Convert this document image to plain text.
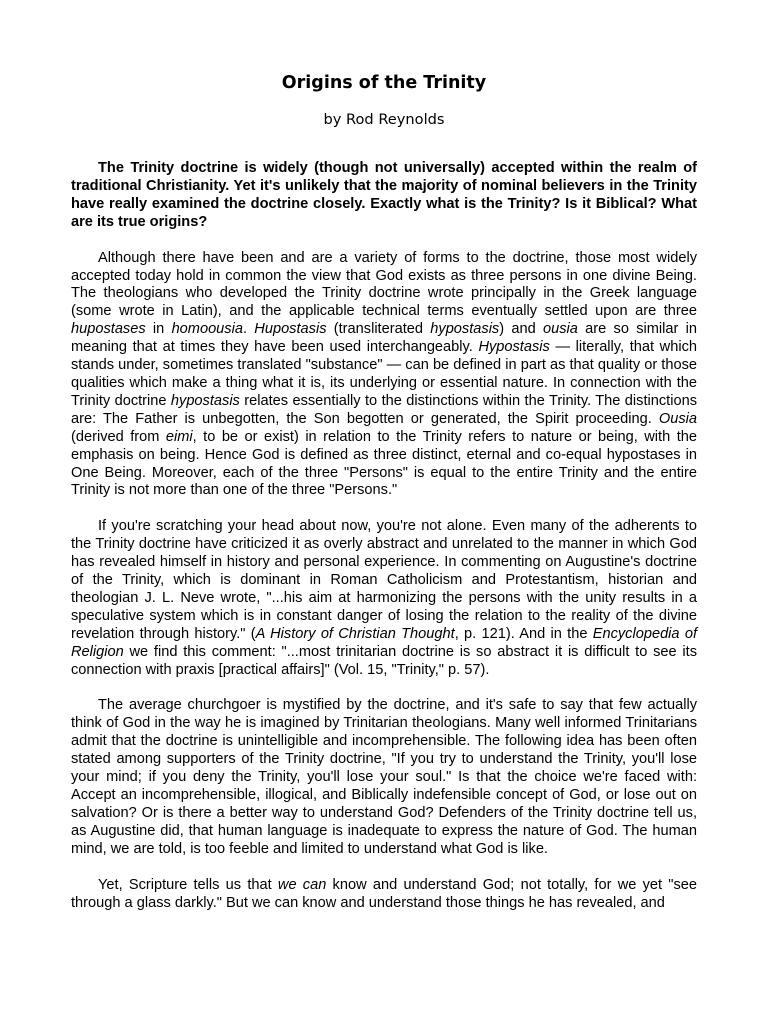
Origins of the Trinity
by Rod Reynolds

The Trinity doctrine is widely (though not universally) accepted within the realm of traditional Christianity. Yet it's unlikely that the majority of nominal believers in the Trinity have really examined the doctrine closely. Exactly what is the Trinity? Is it Biblical? What are its true origins?

Although there have been and are a variety of forms to the doctrine, those most widely accepted today hold in common the view that God exists as three persons in one divine Being. The theologians who developed the Trinity doctrine wrote principally in the Greek language (some wrote in Latin), and the applicable technical terms eventually settled upon are three hupostases in homoousia. Hupostasis (transliterated hypostasis) and ousia are so similar in meaning that at times they have been used interchangeably. Hypostasis — literally, that which stands under, sometimes translated "substance" — can be defined in part as that quality or those qualities which make a thing what it is, its underlying or essential nature. In connection with the Trinity doctrine hypostasis relates essentially to the distinctions within the Trinity. The distinctions are: The Father is unbegotten, the Son begotten or generated, the Spirit proceeding. Ousia (derived from eimi, to be or exist) in relation to the Trinity refers to nature or being, with the emphasis on being. Hence God is defined as three distinct, eternal and co-equal hypostases in One Being. Moreover, each of the three "Persons" is equal to the entire Trinity and the entire Trinity is not more than one of the three "Persons."

If you're scratching your head about now, you're not alone. Even many of the adherents to the Trinity doctrine have criticized it as overly abstract and unrelated to the manner in which God has revealed himself in history and personal experience. In commenting on Augustine's doctrine of the Trinity, which is dominant in Roman Catholicism and Protestantism, historian and theologian J. L. Neve wrote, "...his aim at harmonizing the persons with the unity results in a speculative system which is in constant danger of losing the relation to the reality of the divine revelation through history." (A History of Christian Thought, p. 121). And in the Encyclopedia of Religion we find this comment: "...most trinitarian doctrine is so abstract it is difficult to see its connection with praxis [practical affairs]" (Vol. 15, "Trinity," p. 57).

The average churchgoer is mystified by the doctrine, and it's safe to say that few actually think of God in the way he is imagined by Trinitarian theologians. Many well informed Trinitarians admit that the doctrine is unintelligible and incomprehensible. The following idea has been often stated among supporters of the Trinity doctrine, "If you try to understand the Trinity, you'll lose your mind; if you deny the Trinity, you'll lose your soul." Is that the choice we're faced with: Accept an incomprehensible, illogical, and Biblically indefensible concept of God, or lose out on salvation? Or is there a better way to understand God? Defenders of the Trinity doctrine tell us, as Augustine did, that human language is inadequate to express the nature of God. The human mind, we are told, is too feeble and limited to understand what God is like.

Yet, Scripture tells us that we can know and understand God; not totally, for we yet "see through a glass darkly." But we can know and understand those things he has revealed, and
